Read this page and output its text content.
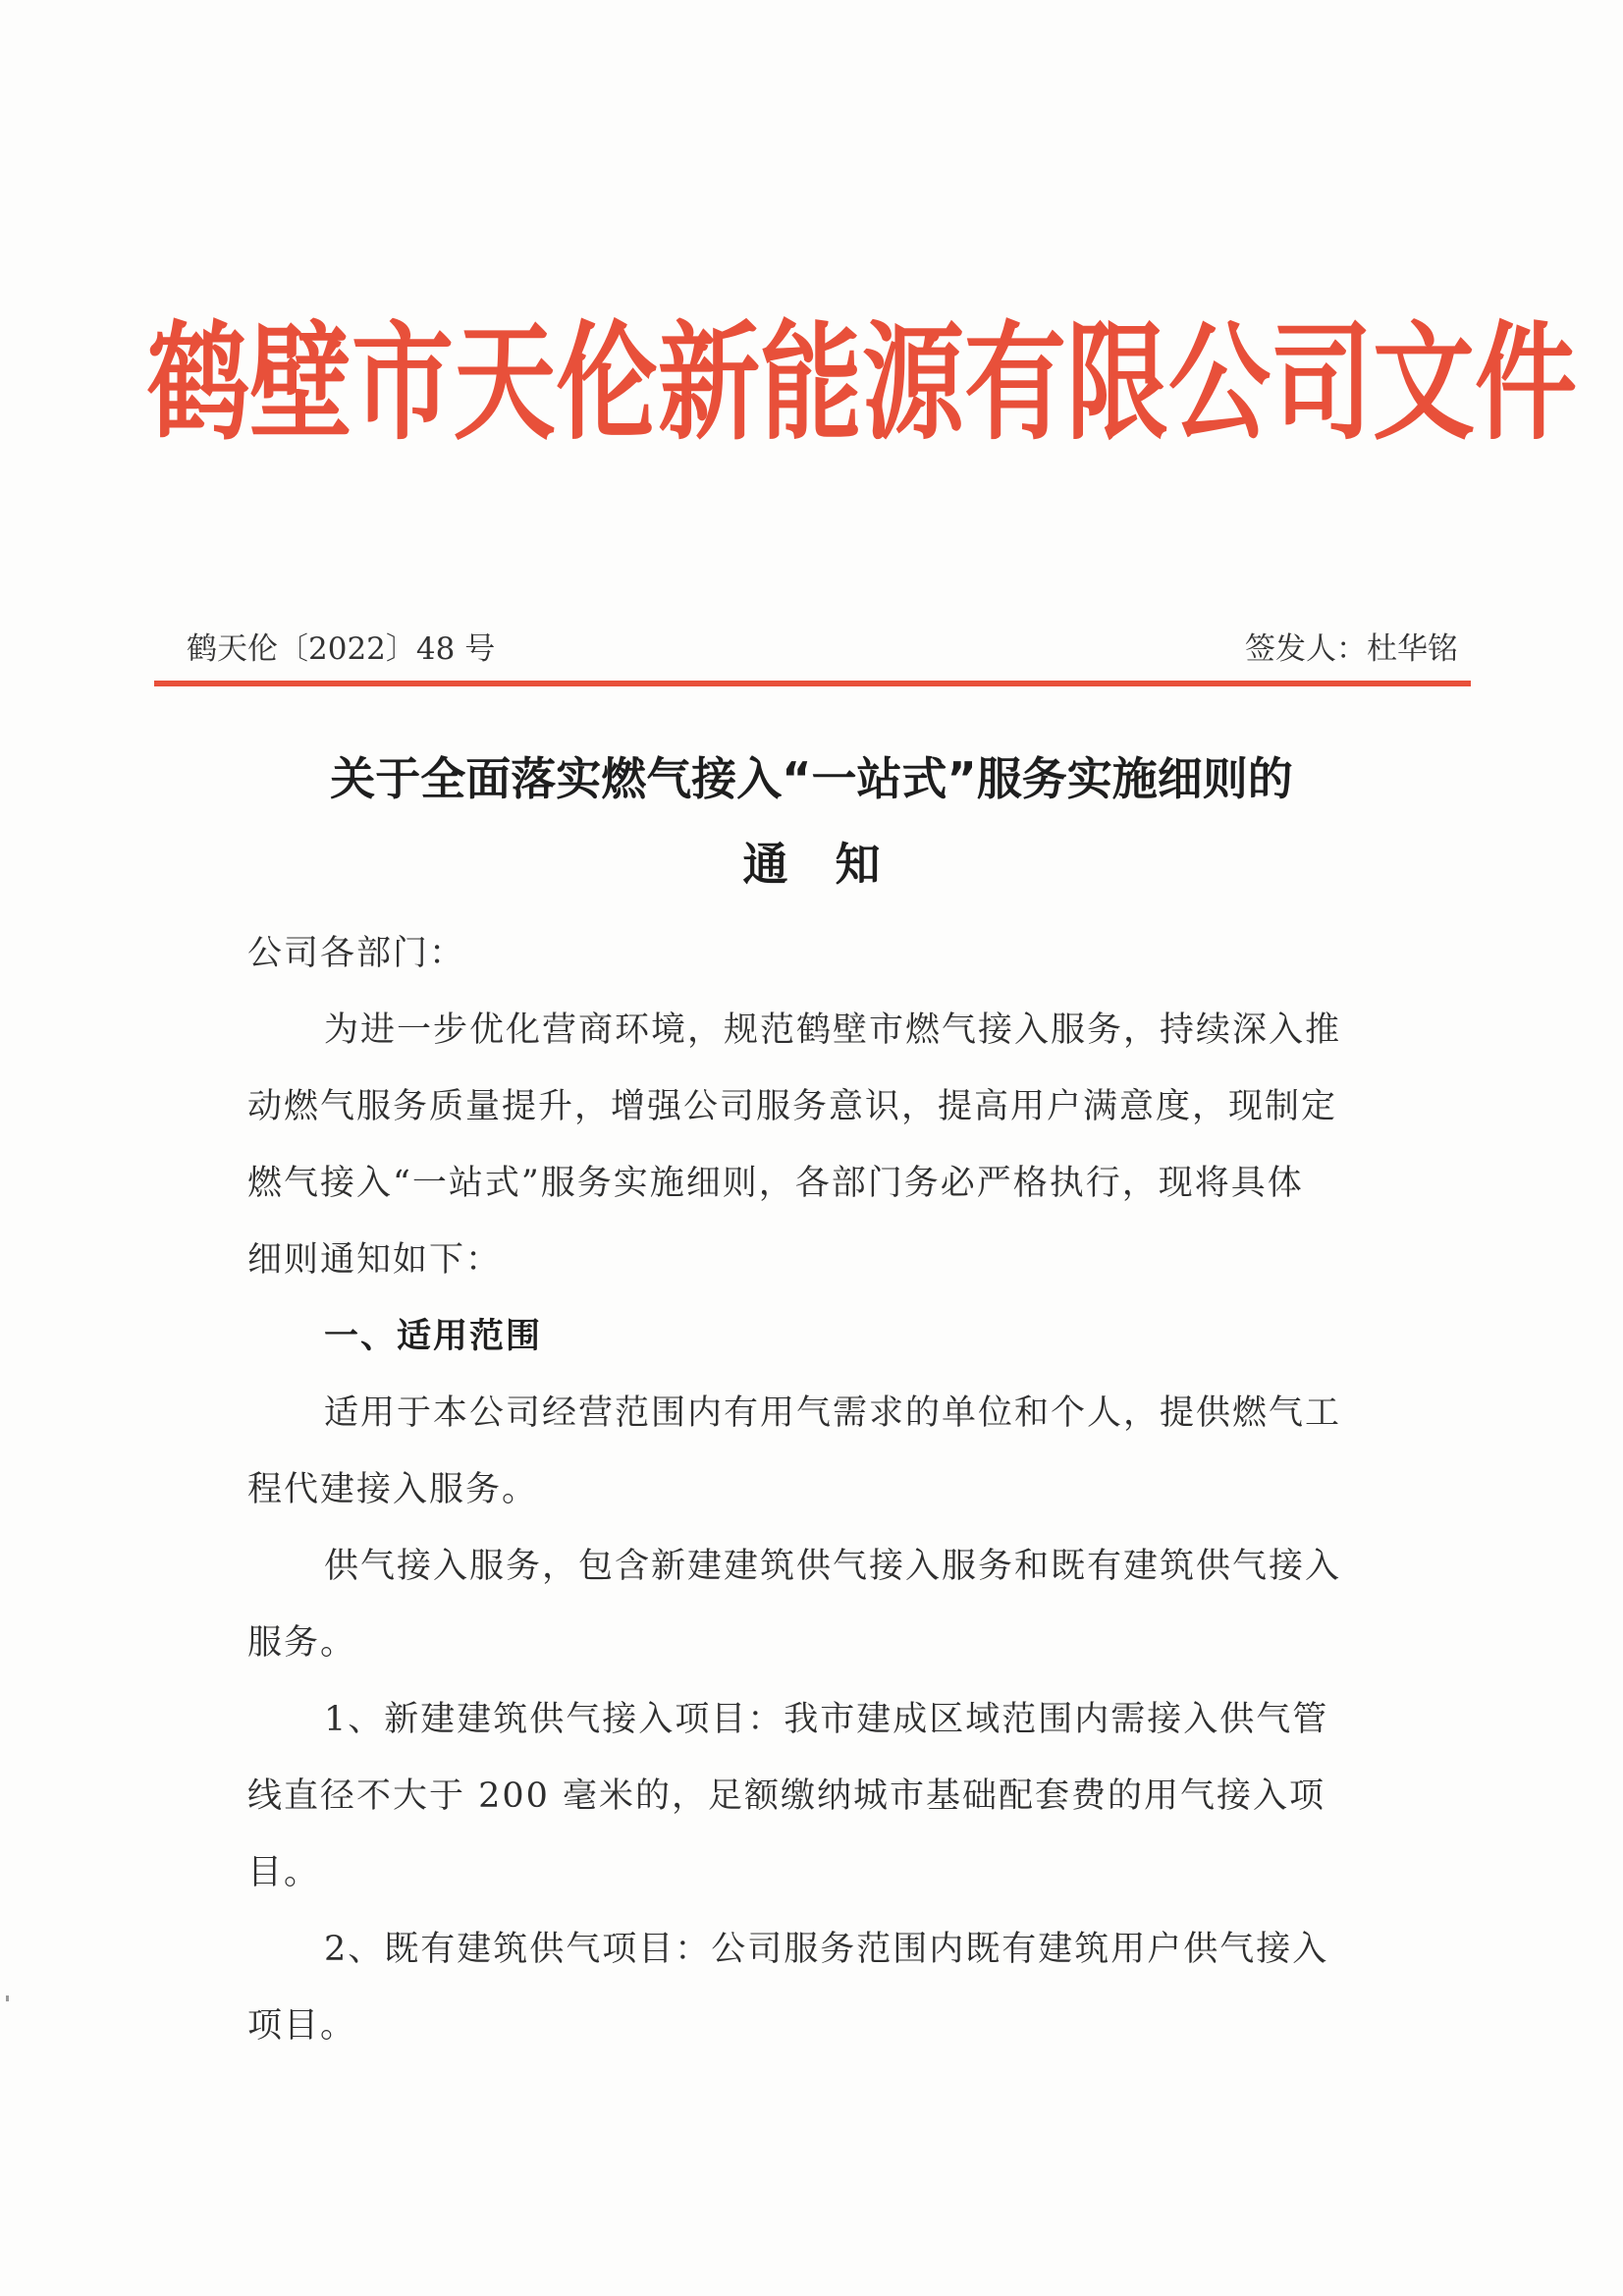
鹤壁市天伦新能源有限公司文件
鹤天伦〔2022〕48 号	签发人：杜华铭
关于全面落实燃气接入“一站式”服务实施细则的
通知
公司各部门：
为进一步优化营商环境，规范鹤壁市燃气接入服务，持续深入推
动燃气服务质量提升，增强公司服务意识，提高用户满意度，现制定
燃气接入“一站式”服务实施细则，各部门务必严格执行，现将具体
细则通知如下：
一、适用范围
适用于本公司经营范围内有用气需求的单位和个人，提供燃气工
程代建接入服务。
供气接入服务，包含新建建筑供气接入服务和既有建筑供气接入
服务。
1、新建建筑供气接入项目：我市建成区域范围内需接入供气管
线直径不大于 200 毫米的，足额缴纳城市基础配套费的用气接入项
目。
2、既有建筑供气项目：公司服务范围内既有建筑用户供气接入
项目。
